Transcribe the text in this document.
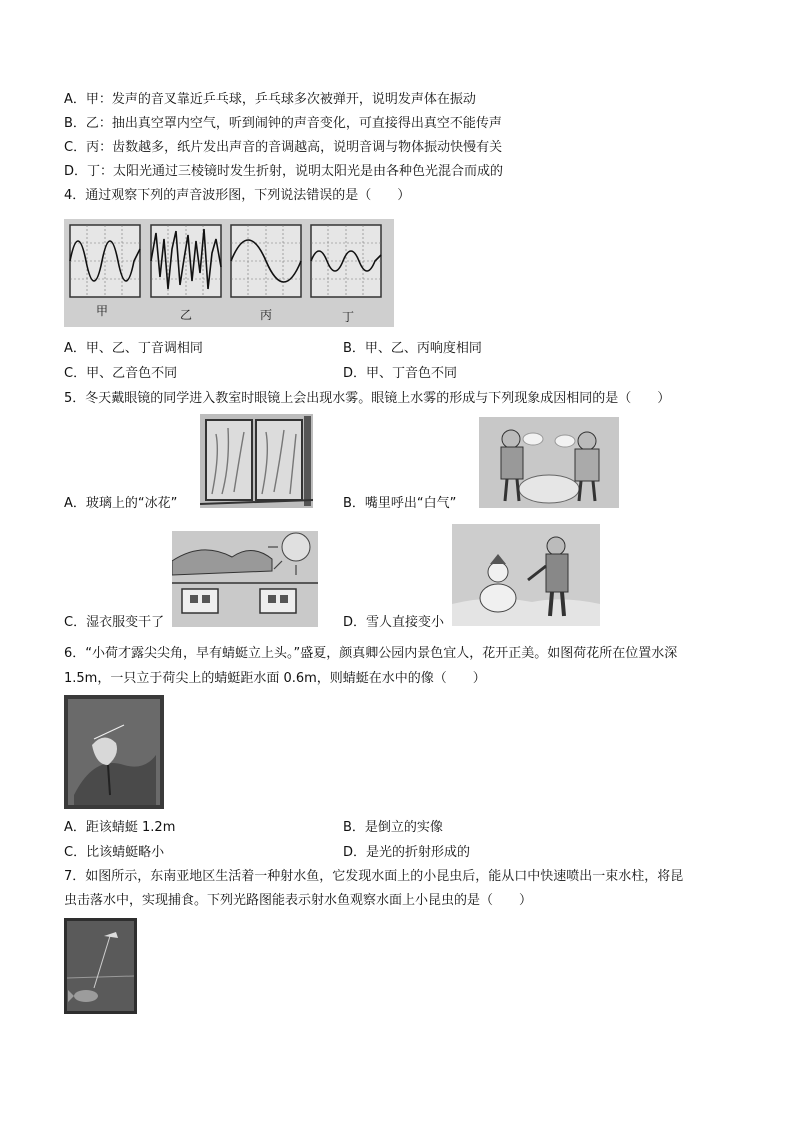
A．甲：发声的音叉靠近乒乓球，乒乓球多次被弹开，说明发声体在振动
B．乙：抽出真空罩内空气，听到闹钟的声音变化，可直接得出真空不能传声
C．丙：齿数越多，纸片发出声音的音调越高，说明音调与物体振动快慢有关
D．丁：太阳光通过三棱镜时发生折射，说明太阳光是由各种色光混合而成的
4．通过观察下列的声音波形图，下列说法错误的是（　　）
甲	乙	丙	丁
A．甲、乙、丁音调相同	B．甲、乙、丙响度相同
C．甲、乙音色不同	D．甲、丁音色不同
5．冬天戴眼镜的同学进入教室时眼镜上会出现水雾。眼镜上水雾的形成与下列现象成因相同的是（　　）
A．玻璃上的“冰花”	B．嘴里呼出“白气”
C．湿衣服变干了	D．雪人直接变小
6．“小荷才露尖尖角，早有蜻蜓立上头。”盛夏，颜真卿公园内景色宜人，花开正美。如图荷花所在位置水深
1.5m，一只立于荷尖上的蜻蜓距水面 0.6m，则蜻蜓在水中的像（　　）
A．距该蜻蜓 1.2m	B．是倒立的实像
C．比该蜻蜓略小	D．是光的折射形成的
7．如图所示，东南亚地区生活着一种射水鱼，它发现水面上的小昆虫后，能从口中快速喷出一束水柱，将昆
虫击落水中，实现捕食。下列光路图能表示射水鱼观察水面上小昆虫的是（　　）
